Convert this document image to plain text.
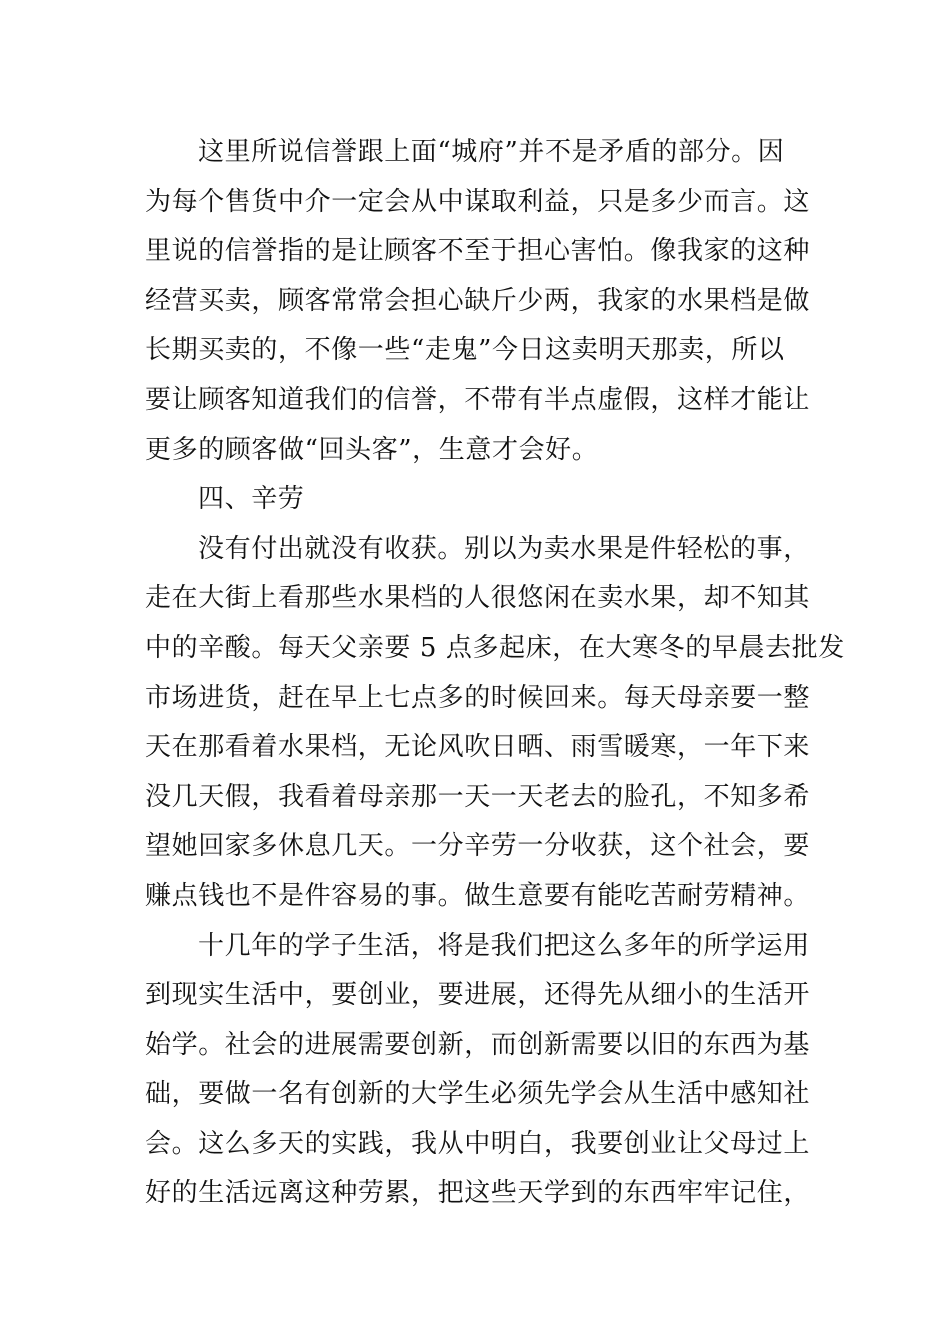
这里所说信誉跟上面“城府”并不是矛盾的部分。因
为每个售货中介一定会从中谋取利益，只是多少而言。这
里说的信誉指的是让顾客不至于担心害怕。像我家的这种
经营买卖，顾客常常会担心缺斤少两，我家的水果档是做
长期买卖的，不像一些“走鬼”今日这卖明天那卖，所以
要让顾客知道我们的信誉，不带有半点虚假，这样才能让
更多的顾客做“回头客”，生意才会好。
四、辛劳
没有付出就没有收获。别以为卖水果是件轻松的事，
走在大街上看那些水果档的人很悠闲在卖水果，却不知其
中的辛酸。每天父亲要 5 点多起床，在大寒冬的早晨去批发
市场进货，赶在早上七点多的时候回来。每天母亲要一整
天在那看着水果档，无论风吹日晒、雨雪暖寒，一年下来
没几天假，我看着母亲那一天一天老去的脸孔，不知多希
望她回家多休息几天。一分辛劳一分收获，这个社会，要
赚点钱也不是件容易的事。做生意要有能吃苦耐劳精神。
十几年的学子生活，将是我们把这么多年的所学运用
到现实生活中，要创业，要进展，还得先从细小的生活开
始学。社会的进展需要创新，而创新需要以旧的东西为基
础，要做一名有创新的大学生必须先学会从生活中感知社
会。这么多天的实践，我从中明白，我要创业让父母过上
好的生活远离这种劳累，把这些天学到的东西牢牢记住，
